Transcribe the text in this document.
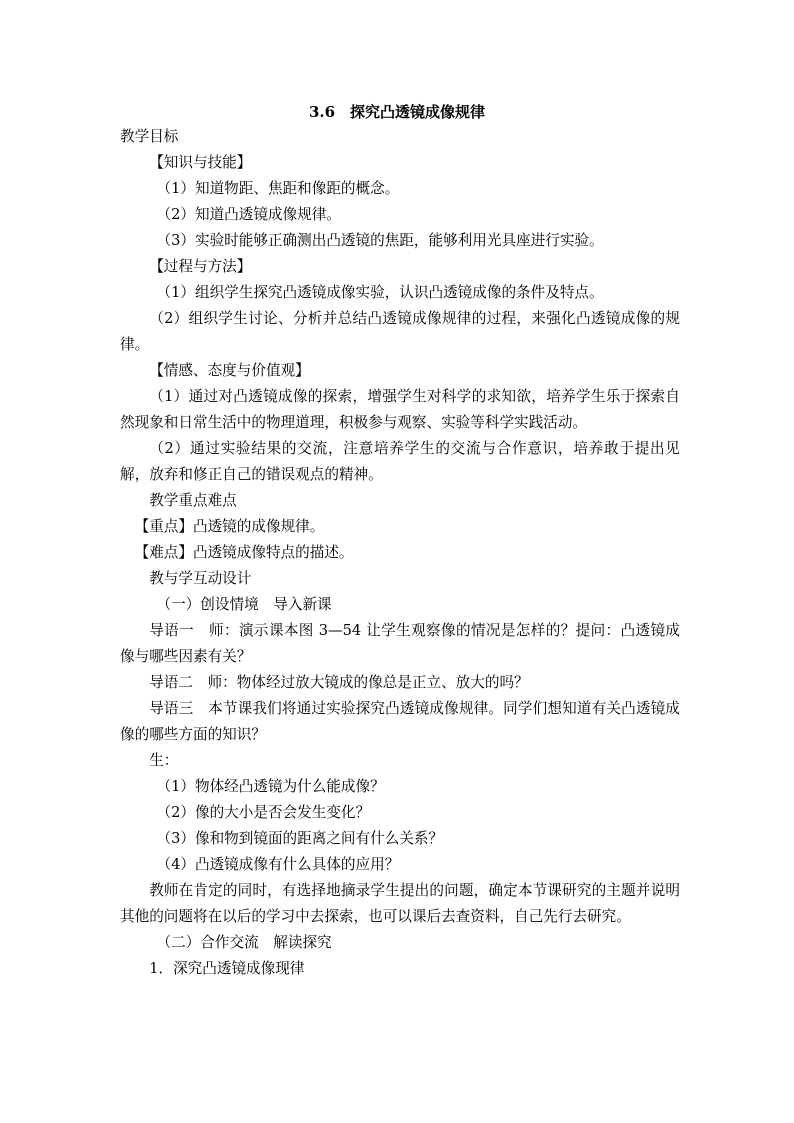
3.6　探究凸透镜成像规律

教学目标

【知识与技能】

（1）知道物距、焦距和像距的概念。

（2）知道凸透镜成像规律。

（3）实验时能够正确测出凸透镜的焦距，能够利用光具座进行实验。

【过程与方法】

（1）组织学生探究凸透镜成像实验，认识凸透镜成像的条件及特点。

（2）组织学生讨论、分析并总结凸透镜成像规律的过程，来强化凸透镜成像的规律。

【情感、态度与价值观】

（1）通过对凸透镜成像的探索，增强学生对科学的求知欲，培养学生乐于探索自然现象和日常生活中的物理道理，积极参与观察、实验等科学实践活动。

（2）通过实验结果的交流，注意培养学生的交流与合作意识，培养敢于提出见解，放弃和修正自己的错误观点的精神。

教学重点难点

【重点】凸透镜的成像规律。

【难点】凸透镜成像特点的描述。

教与学互动设计

（一）创设情境　导入新课

导语一　师：演示课本图 3—54 让学生观察像的情况是怎样的？提问：凸透镜成像与哪些因素有关？

导语二　师：物体经过放大镜成的像总是正立、放大的吗？

导语三　本节课我们将通过实验探究凸透镜成像规律。同学们想知道有关凸透镜成像的哪些方面的知识？

生：

（1）物体经凸透镜为什么能成像？

（2）像的大小是否会发生变化？

（3）像和物到镜面的距离之间有什么关系？

（4）凸透镜成像有什么具体的应用？

教师在肯定的同时，有选择地摘录学生提出的问题，确定本节课研究的主题并说明其他的问题将在以后的学习中去探索，也可以课后去查资料，自己先行去研究。

（二）合作交流　解读探究

1．深究凸透镜成像现律
